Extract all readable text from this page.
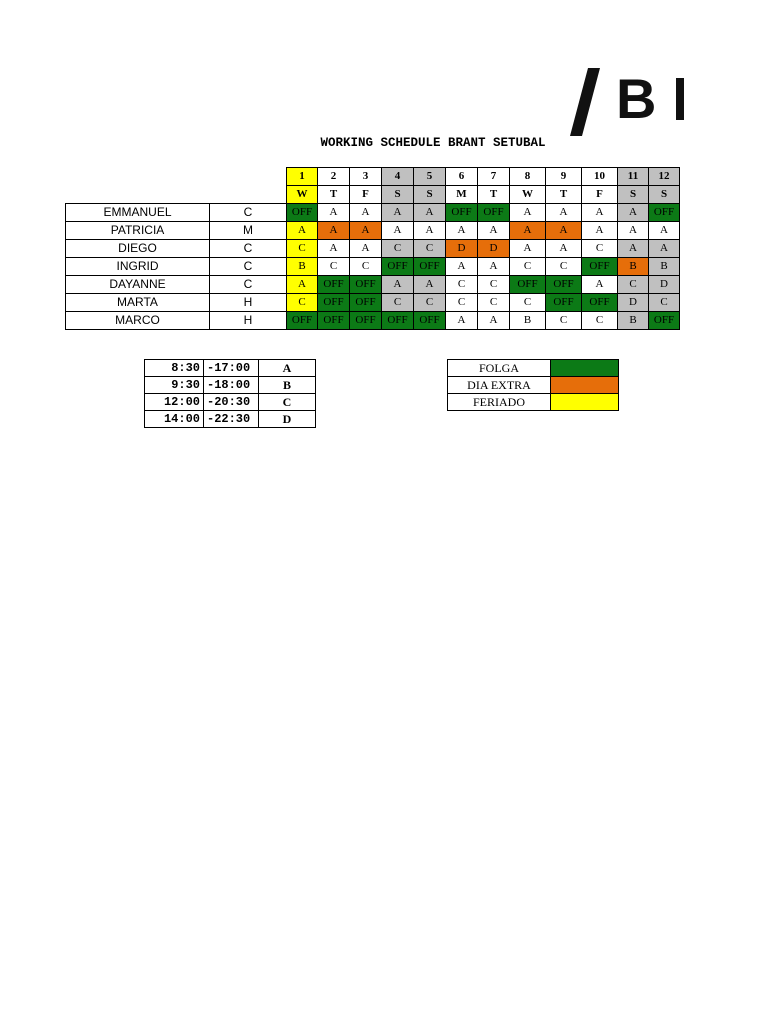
B
WORKING SCHEDULE BRANT SETUBAL
		1	2	3	4	5	6	7	8	9	10	11	12
		W	T	F	S	S	M	T	W	T	F	S	S
EMMANUEL	C	OFF	A	A	A	A	OFF	OFF	A	A	A	A	OFF
PATRICIA	M	A	A	A	A	A	A	A	A	A	A	A	A
DIEGO	C	C	A	A	C	C	D	D	A	A	C	A	A
INGRID	C	B	C	C	OFF	OFF	A	A	C	C	OFF	B	B
DAYANNE	C	A	OFF	OFF	A	A	C	C	OFF	OFF	A	C	D
MARTA	H	C	OFF	OFF	C	C	C	C	C	OFF	OFF	D	C
MARCO	H	OFF	OFF	OFF	OFF	OFF	A	A	B	C	C	B	OFF
8:30	-17:00	A
9:30	-18:00	B
12:00	-20:30	C
14:00	-22:30	D
FOLGA	
DIA EXTRA	
FERIADO	
